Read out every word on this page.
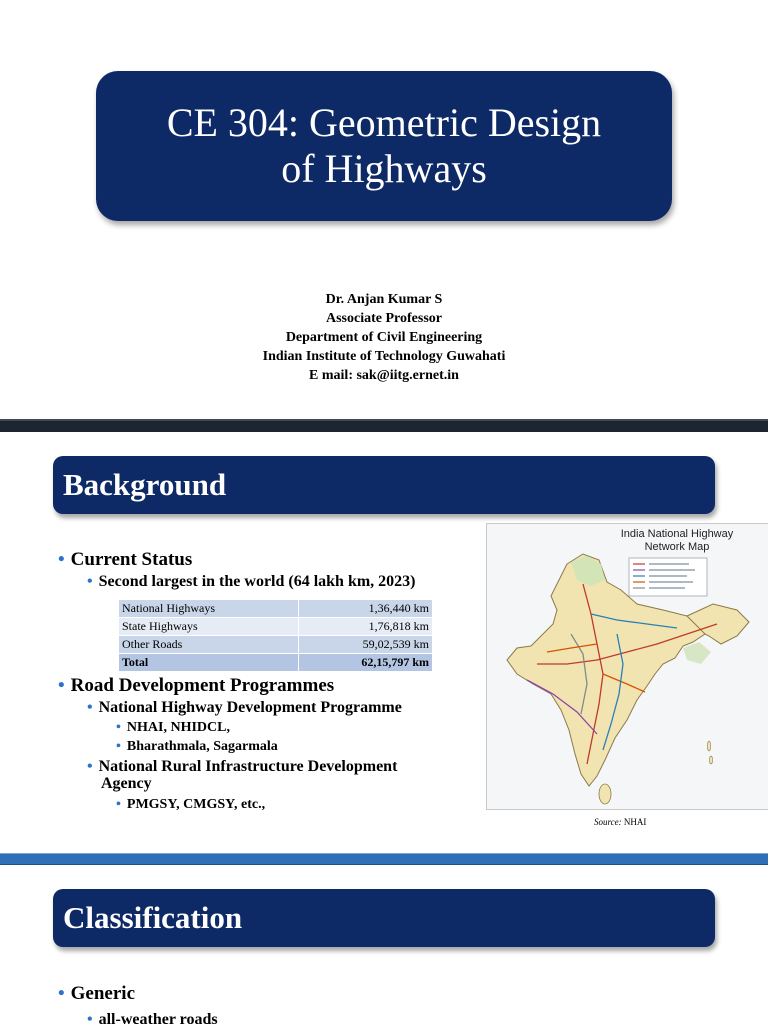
CE 304: Geometric Design
of Highways
Dr. Anjan Kumar S
Associate Professor
Department of Civil Engineering
Indian Institute of Technology Guwahati
E mail: sak@iitg.ernet.in
Background
• Current Status
• Second largest in the world (64 lakh km, 2023)
National Highways	1,36,440 km
State Highways	1,76,818 km
Other Roads	59,02,539 km
Total	62,15,797 km
• Road Development Programmes
• National Highway Development Programme
• NHAI, NHIDCL,
• Bharathmala, Sagarmala
• National Rural Infrastructure Development
Agency
• PMGSY, CMGSY, etc.,
India National Highway
Network Map
Source: NHAI
Classification
• Generic
• all-weather roads
